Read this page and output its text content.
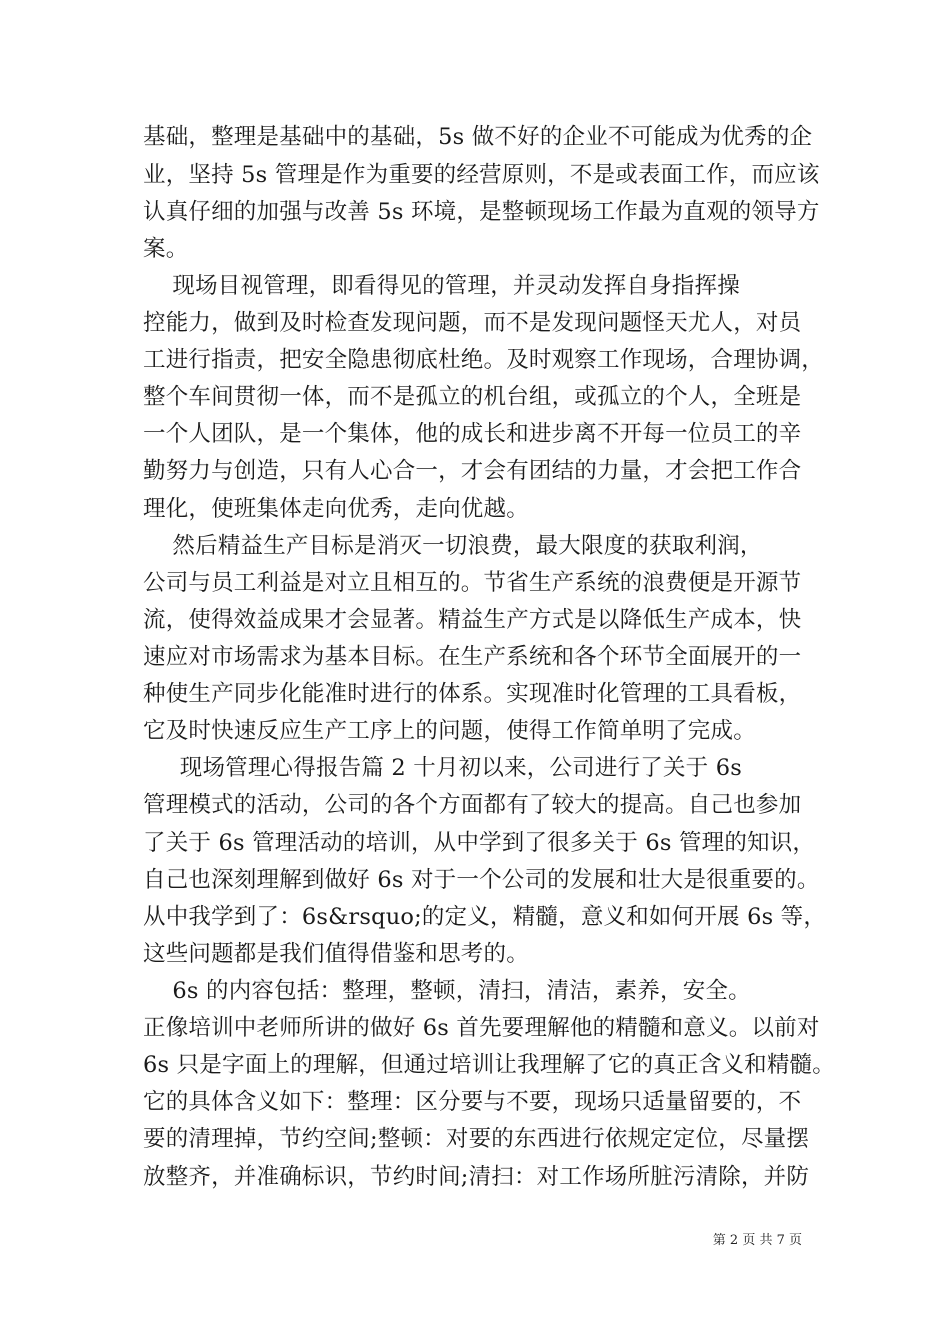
基础，整理是基础中的基础，5s 做不好的企业不可能成为优秀的企

业，坚持 5s 管理是作为重要的经营原则，不是或表面工作，而应该

认真仔细的加强与改善 5s 环境，是整顿现场工作最为直观的领导方

案。

现场目视管理，即看得见的管理，并灵动发挥自身指挥操

控能力，做到及时检查发现问题，而不是发现问题怪天尤人，对员

工进行指责，把安全隐患彻底杜绝。及时观察工作现场，合理协调，

整个车间贯彻一体，而不是孤立的机台组，或孤立的个人，全班是

一个人团队，是一个集体，他的成长和进步离不开每一位员工的辛

勤努力与创造，只有人心合一，才会有团结的力量，才会把工作合

理化，使班集体走向优秀，走向优越。

然后精益生产目标是消灭一切浪费，最大限度的获取利润，

公司与员工利益是对立且相互的。节省生产系统的浪费便是开源节

流，使得效益成果才会显著。精益生产方式是以降低生产成本，快

速应对市场需求为基本目标。在生产系统和各个环节全面展开的一

种使生产同步化能准时进行的体系。实现准时化管理的工具看板，

它及时快速反应生产工序上的问题，使得工作简单明了完成。

现场管理心得报告篇 2 十月初以来，公司进行了关于 6s

管理模式的活动，公司的各个方面都有了较大的提高。自己也参加

了关于 6s 管理活动的培训，从中学到了很多关于 6s 管理的知识，

自己也深刻理解到做好 6s 对于一个公司的发展和壮大是很重要的。

从中我学到了：6s&rsquo;的定义，精髓，意义和如何开展 6s 等，

这些问题都是我们值得借鉴和思考的。

6s 的内容包括：整理，整顿，清扫，清洁，素养，安全。

正像培训中老师所讲的做好 6s 首先要理解他的精髓和意义。以前对

6s 只是字面上的理解，但通过培训让我理解了它的真正含义和精髓。

它的具体含义如下：整理：区分要与不要，现场只适量留要的，不

要的清理掉，节约空间;整顿：对要的东西进行依规定定位，尽量摆

放整齐，并准确标识，节约时间;清扫：对工作场所脏污清除，并防

第 2 页 共 7 页
